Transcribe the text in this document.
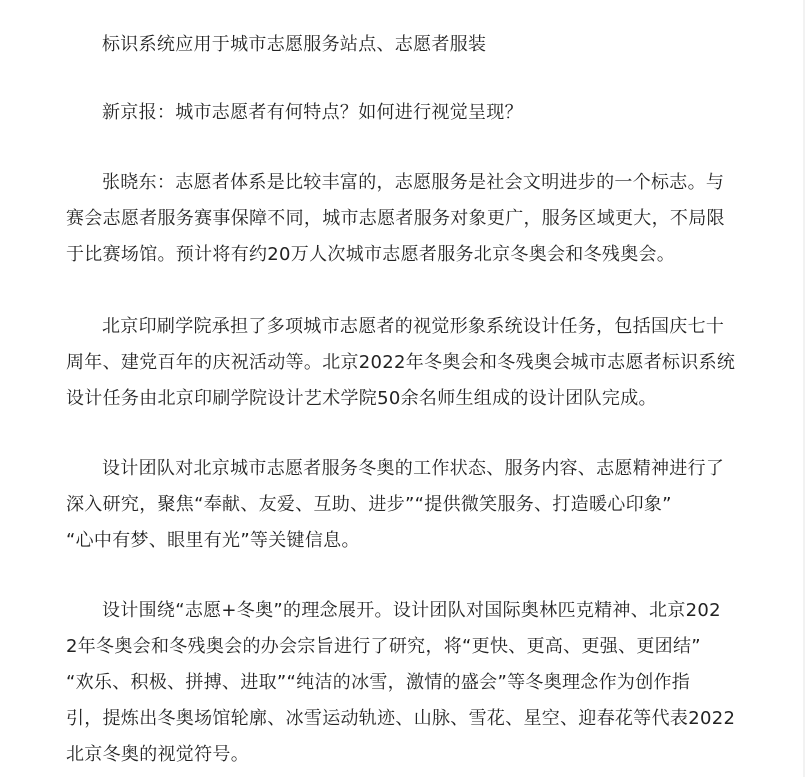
标识系统应用于城市志愿服务站点、志愿者服装

新京报：城市志愿者有何特点？如何进行视觉呈现？

张晓东：志愿者体系是比较丰富的，志愿服务是社会文明进步的一个标志。与
赛会志愿者服务赛事保障不同，城市志愿者服务对象更广，服务区域更大，不局限
于比赛场馆。预计将有约20万人次城市志愿者服务北京冬奥会和冬残奥会。

北京印刷学院承担了多项城市志愿者的视觉形象系统设计任务，包括国庆七十
周年、建党百年的庆祝活动等。北京2022年冬奥会和冬残奥会城市志愿者标识系统
设计任务由北京印刷学院设计艺术学院50余名师生组成的设计团队完成。

设计团队对北京城市志愿者服务冬奥的工作状态、服务内容、志愿精神进行了
深入研究，聚焦“奉献、友爱、互助、进步”“提供微笑服务、打造暖心印象”
“心中有梦、眼里有光”等关键信息。

设计围绕“志愿+冬奥”的理念展开。设计团队对国际奥林匹克精神、北京202
2年冬奥会和冬残奥会的办会宗旨进行了研究，将“更快、更高、更强、更团结”
“欢乐、积极、拼搏、进取”“纯洁的冰雪，激情的盛会”等冬奥理念作为创作指
引，提炼出冬奥场馆轮廓、冰雪运动轨迹、山脉、雪花、星空、迎春花等代表2022
北京冬奥的视觉符号。
